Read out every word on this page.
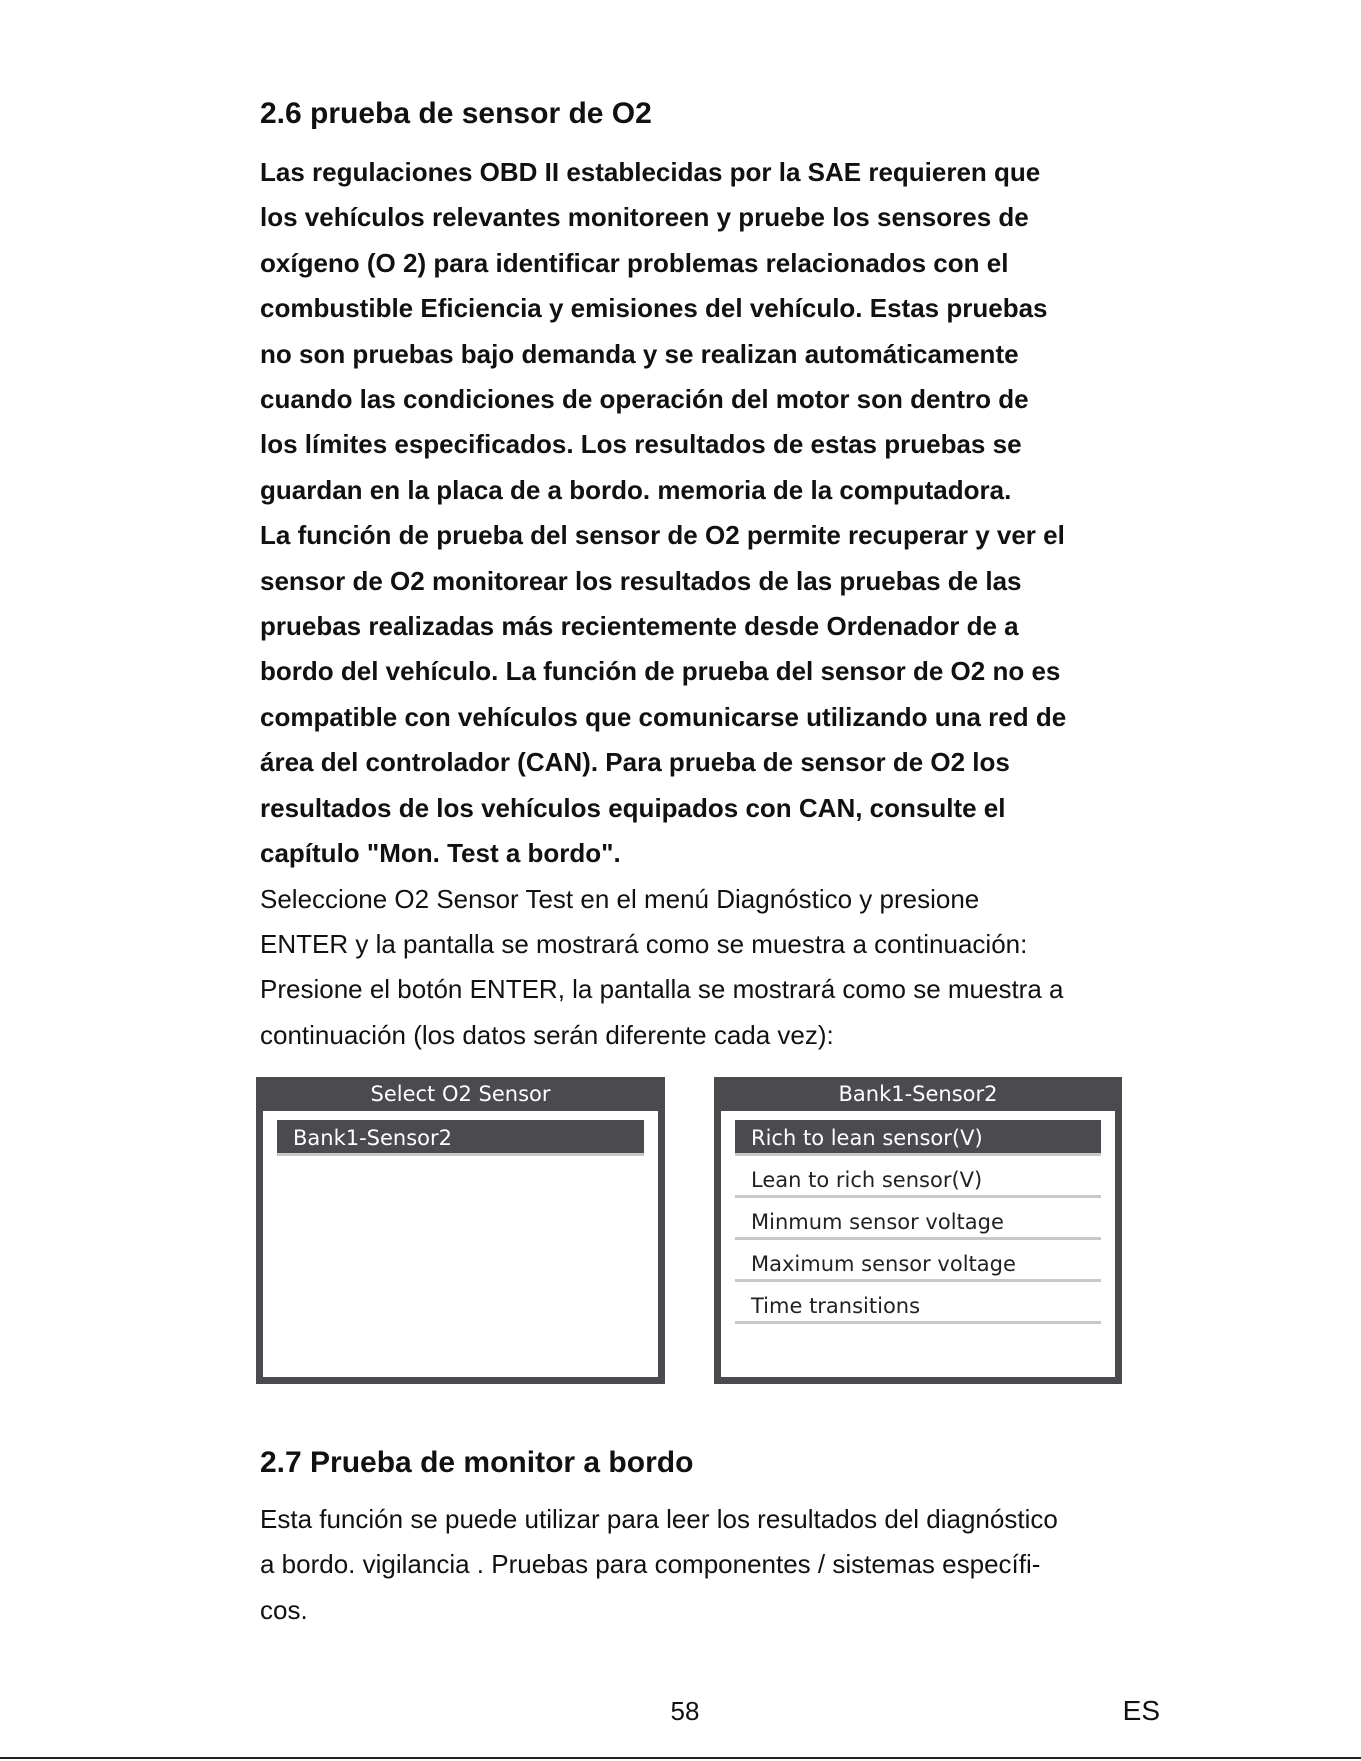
2.6 prueba de sensor de O2

Las regulaciones OBD II establecidas por la SAE requieren que
los vehículos relevantes monitoreen y pruebe los sensores de
oxígeno (O 2) para identificar problemas relacionados con el
combustible Eficiencia y emisiones del vehículo. Estas pruebas
no son pruebas bajo demanda y se realizan automáticamente
cuando las condiciones de operación del motor son dentro de
los límites especificados. Los resultados de estas pruebas se
guardan en la placa de a bordo. memoria de la computadora.
La función de prueba del sensor de O2 permite recuperar y ver el
sensor de O2 monitorear los resultados de las pruebas de las
pruebas realizadas más recientemente desde Ordenador de a
bordo del vehículo. La función de prueba del sensor de O2 no es
compatible con vehículos que comunicarse utilizando una red de
área del controlador (CAN). Para prueba de sensor de O2 los
resultados de los vehículos equipados con CAN, consulte el
capítulo "Mon. Test a bordo".

Seleccione O2 Sensor Test en el menú Diagnóstico y presione
ENTER y la pantalla se mostrará como se muestra a continuación:
Presione el botón ENTER, la pantalla se mostrará como se muestra a
continuación (los datos serán diferente cada vez):

Select O2 Sensor
Bank1-Sensor2
Bank1-Sensor2
Rich to lean sensor(V)
Lean to rich sensor(V)
Minmum sensor voltage
Maximum sensor voltage
Time transitions
2.7 Prueba de monitor a bordo

Esta función se puede utilizar para leer los resultados del diagnóstico
a bordo. vigilancia . Pruebas para componentes / sistemas específi-
cos.

58	ES
